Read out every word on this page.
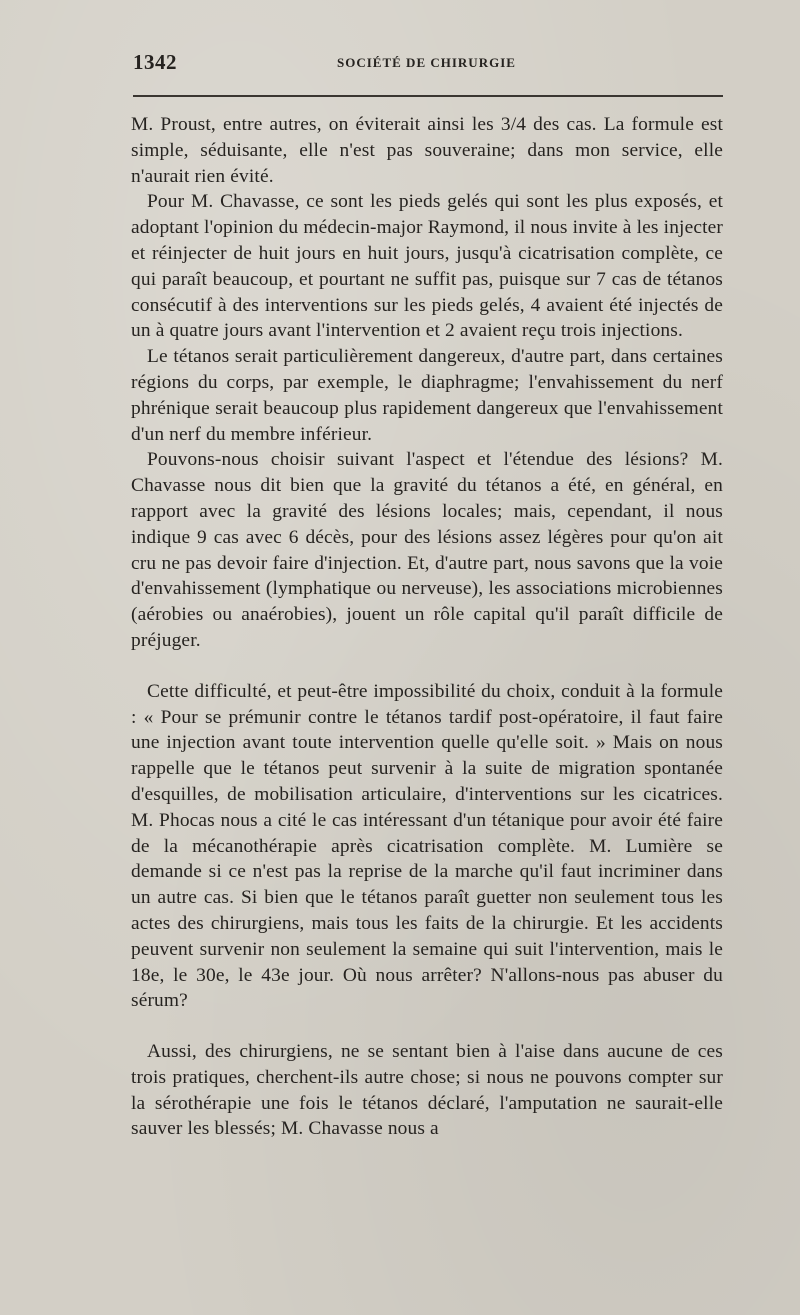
1342	SOCIÉTÉ DE CHIRURGIE

M. Proust, entre autres, on éviterait ainsi les 3/4 des cas. La formule est simple, séduisante, elle n'est pas souveraine; dans mon service, elle n'aurait rien évité.

Pour M. Chavasse, ce sont les pieds gelés qui sont les plus exposés, et adoptant l'opinion du médecin-major Raymond, il nous invite à les injecter et réinjecter de huit jours en huit jours, jusqu'à cicatrisation complète, ce qui paraît beaucoup, et pourtant ne suffit pas, puisque sur 7 cas de tétanos consécutif à des interventions sur les pieds gelés, 4 avaient été injectés de un à quatre jours avant l'intervention et 2 avaient reçu trois injections.

Le tétanos serait particulièrement dangereux, d'autre part, dans certaines régions du corps, par exemple, le diaphragme; l'envahissement du nerf phrénique serait beaucoup plus rapidement dangereux que l'envahissement d'un nerf du membre inférieur.

Pouvons-nous choisir suivant l'aspect et l'étendue des lésions? M. Chavasse nous dit bien que la gravité du tétanos a été, en général, en rapport avec la gravité des lésions locales; mais, cependant, il nous indique 9 cas avec 6 décès, pour des lésions assez légères pour qu'on ait cru ne pas devoir faire d'injection. Et, d'autre part, nous savons que la voie d'envahissement (lymphatique ou nerveuse), les associations microbiennes (aérobies ou anaérobies), jouent un rôle capital qu'il paraît difficile de préjuger.

Cette difficulté, et peut-être impossibilité du choix, conduit à la formule : « Pour se prémunir contre le tétanos tardif post-opératoire, il faut faire une injection avant toute intervention quelle qu'elle soit. » Mais on nous rappelle que le tétanos peut survenir à la suite de migration spontanée d'esquilles, de mobilisation articulaire, d'interventions sur les cicatrices. M. Phocas nous a cité le cas intéressant d'un tétanique pour avoir été faire de la mécanothérapie après cicatrisation complète. M. Lumière se demande si ce n'est pas la reprise de la marche qu'il faut incriminer dans un autre cas. Si bien que le tétanos paraît guetter non seulement tous les actes des chirurgiens, mais tous les faits de la chirurgie. Et les accidents peuvent survenir non seulement la semaine qui suit l'intervention, mais le 18e, le 30e, le 43e jour. Où nous arrêter? N'allons-nous pas abuser du sérum?

Aussi, des chirurgiens, ne se sentant bien à l'aise dans aucune de ces trois pratiques, cherchent-ils autre chose; si nous ne pouvons compter sur la sérothérapie une fois le tétanos déclaré, l'amputation ne saurait-elle sauver les blessés; M. Chavasse nous a
